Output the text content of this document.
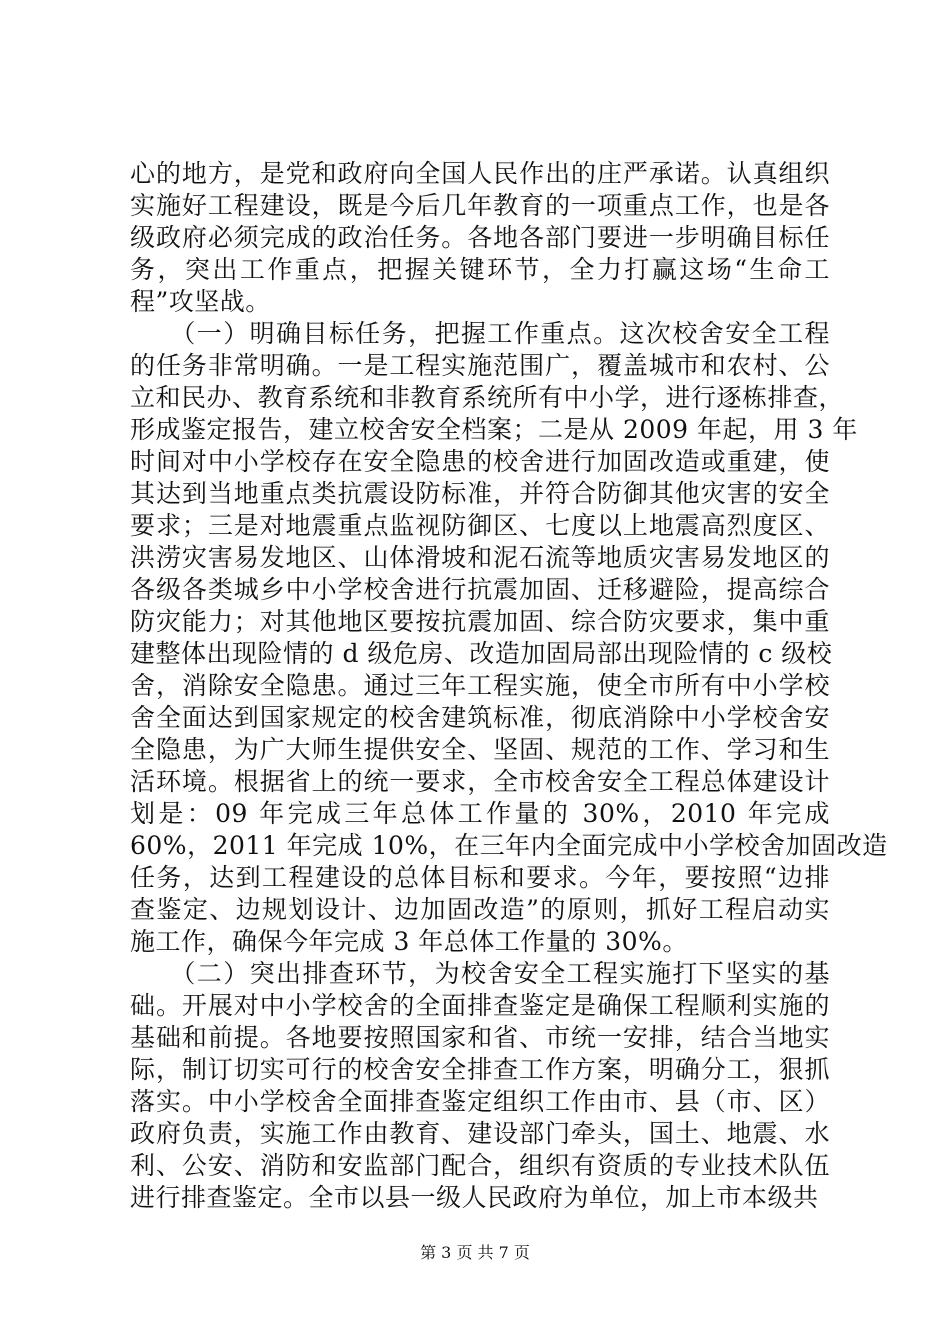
心的地方，是党和政府向全国人民作出的庄严承诺。认真组织
实施好工程建设，既是今后几年教育的一项重点工作，也是各
级政府必须完成的政治任务。各地各部门要进一步明确目标任
务，突出工作重点，把握关键环节，全力打赢这场“生命工
程”攻坚战。
　　（一）明确目标任务，把握工作重点。这次校舍安全工程
的任务非常明确。一是工程实施范围广，覆盖城市和农村、公
立和民办、教育系统和非教育系统所有中小学，进行逐栋排查，
形成鉴定报告，建立校舍安全档案；二是从 2009 年起，用 3 年
时间对中小学校存在安全隐患的校舍进行加固改造或重建，使
其达到当地重点类抗震设防标准，并符合防御其他灾害的安全
要求；三是对地震重点监视防御区、七度以上地震高烈度区、
洪涝灾害易发地区、山体滑坡和泥石流等地质灾害易发地区的
各级各类城乡中小学校舍进行抗震加固、迁移避险，提高综合
防灾能力；对其他地区要按抗震加固、综合防灾要求，集中重
建整体出现险情的 d 级危房、改造加固局部出现险情的 c 级校
舍，消除安全隐患。通过三年工程实施，使全市所有中小学校
舍全面达到国家规定的校舍建筑标准，彻底消除中小学校舍安
全隐患，为广大师生提供安全、坚固、规范的工作、学习和生
活环境。根据省上的统一要求，全市校舍安全工程总体建设计
划是：09 年完成三年总体工作量的 30%，2010 年完成
60%，2011 年完成 10%，在三年内全面完成中小学校舍加固改造
任务，达到工程建设的总体目标和要求。今年，要按照“边排
查鉴定、边规划设计、边加固改造”的原则，抓好工程启动实
施工作，确保今年完成 3 年总体工作量的 30%。
　　（二）突出排查环节，为校舍安全工程实施打下坚实的基
础。开展对中小学校舍的全面排查鉴定是确保工程顺利实施的
基础和前提。各地要按照国家和省、市统一安排，结合当地实
际，制订切实可行的校舍安全排查工作方案，明确分工，狠抓
落实。中小学校舍全面排查鉴定组织工作由市、县（市、区）
政府负责，实施工作由教育、建设部门牵头，国土、地震、水
利、公安、消防和安监部门配合，组织有资质的专业技术队伍
进行排查鉴定。全市以县一级人民政府为单位，加上市本级共
第 3 页 共 7 页
